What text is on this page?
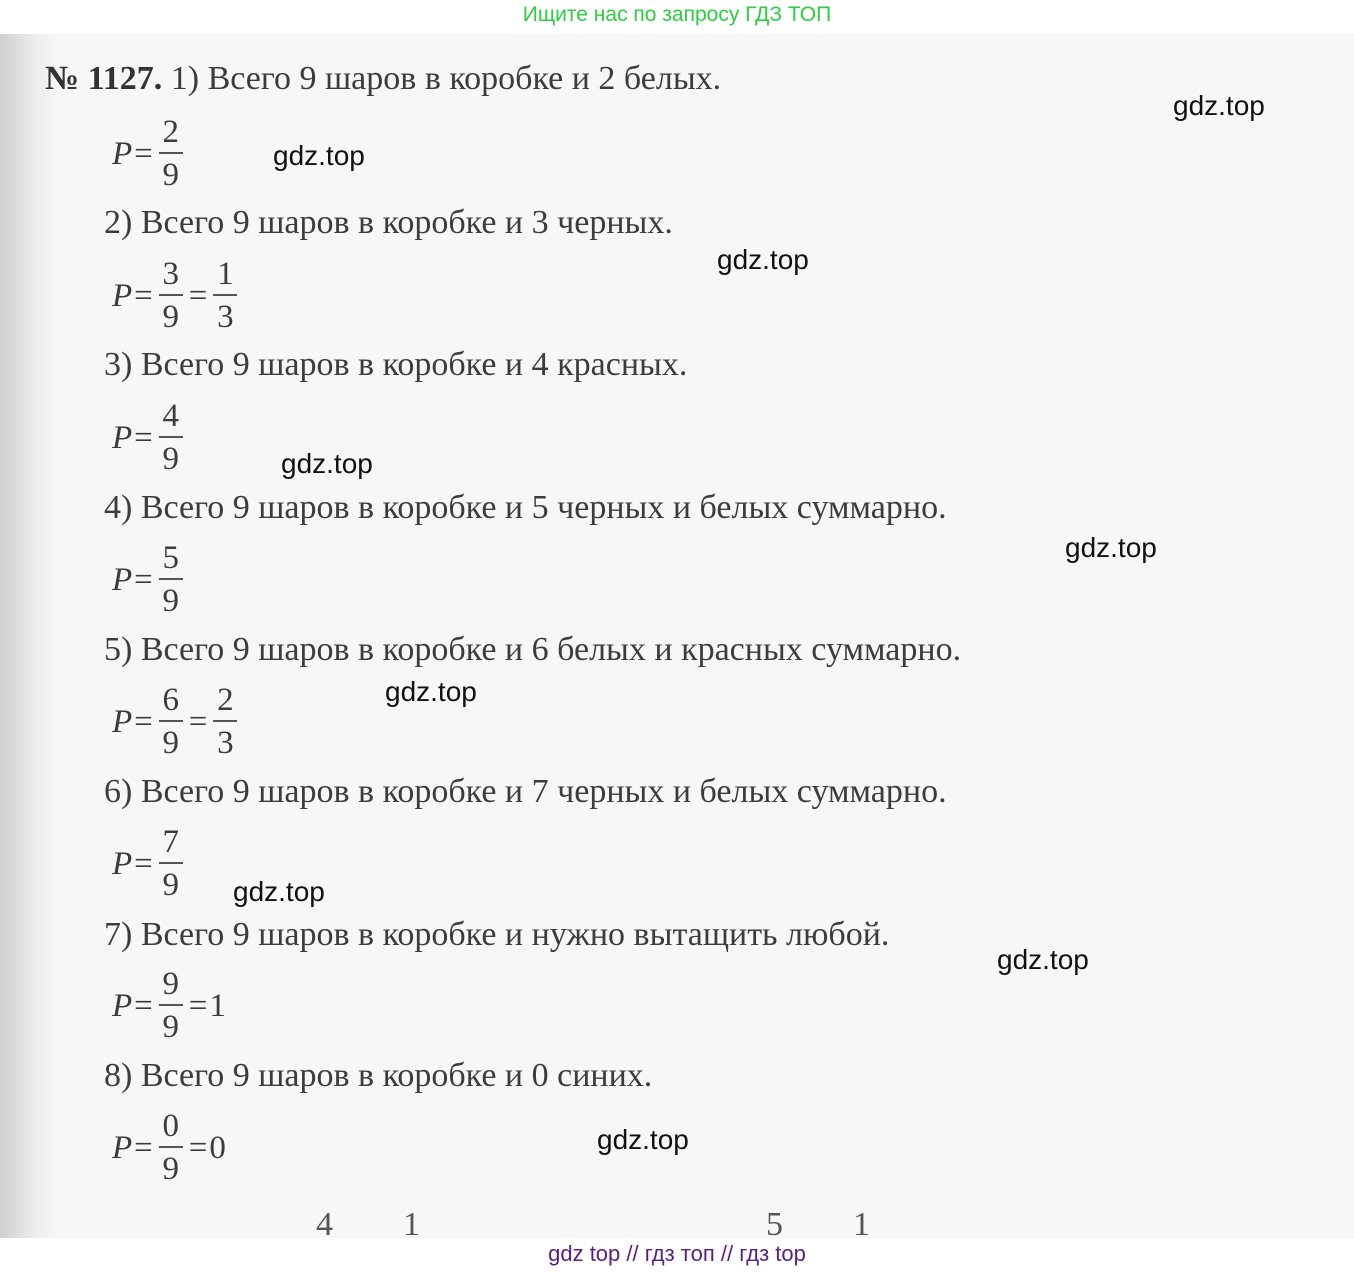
Ищите нас по запросу ГДЗ ТОП
№ 1127. 1) Всего 9 шаров в коробке и 2 белых.
$P = \frac{2}{9}$
2) Всего 9 шаров в коробке и 3 черных.
$P = \frac{3}{9} = \frac{1}{3}$
3) Всего 9 шаров в коробке и 4 красных.
$P = \frac{4}{9}$
4) Всего 9 шаров в коробке и 5 черных и белых суммарно.
$P = \frac{5}{9}$
5) Всего 9 шаров в коробке и 6 белых и красных суммарно.
$P = \frac{6}{9} = \frac{2}{3}$
6) Всего 9 шаров в коробке и 7 черных и белых суммарно.
$P = \frac{7}{9}$
7) Всего 9 шаров в коробке и нужно вытащить любой.
$P = \frac{9}{9} = 1$
8) Всего 9 шаров в коробке и 0 синих.
$P = \frac{0}{9} = 0$
4 1	5 1
gdz.top
gdz.top
gdz.top
gdz.top
gdz.top
gdz.top
gdz.top
gdz.top
gdz.top
gdz top // гдз топ // гдз top
